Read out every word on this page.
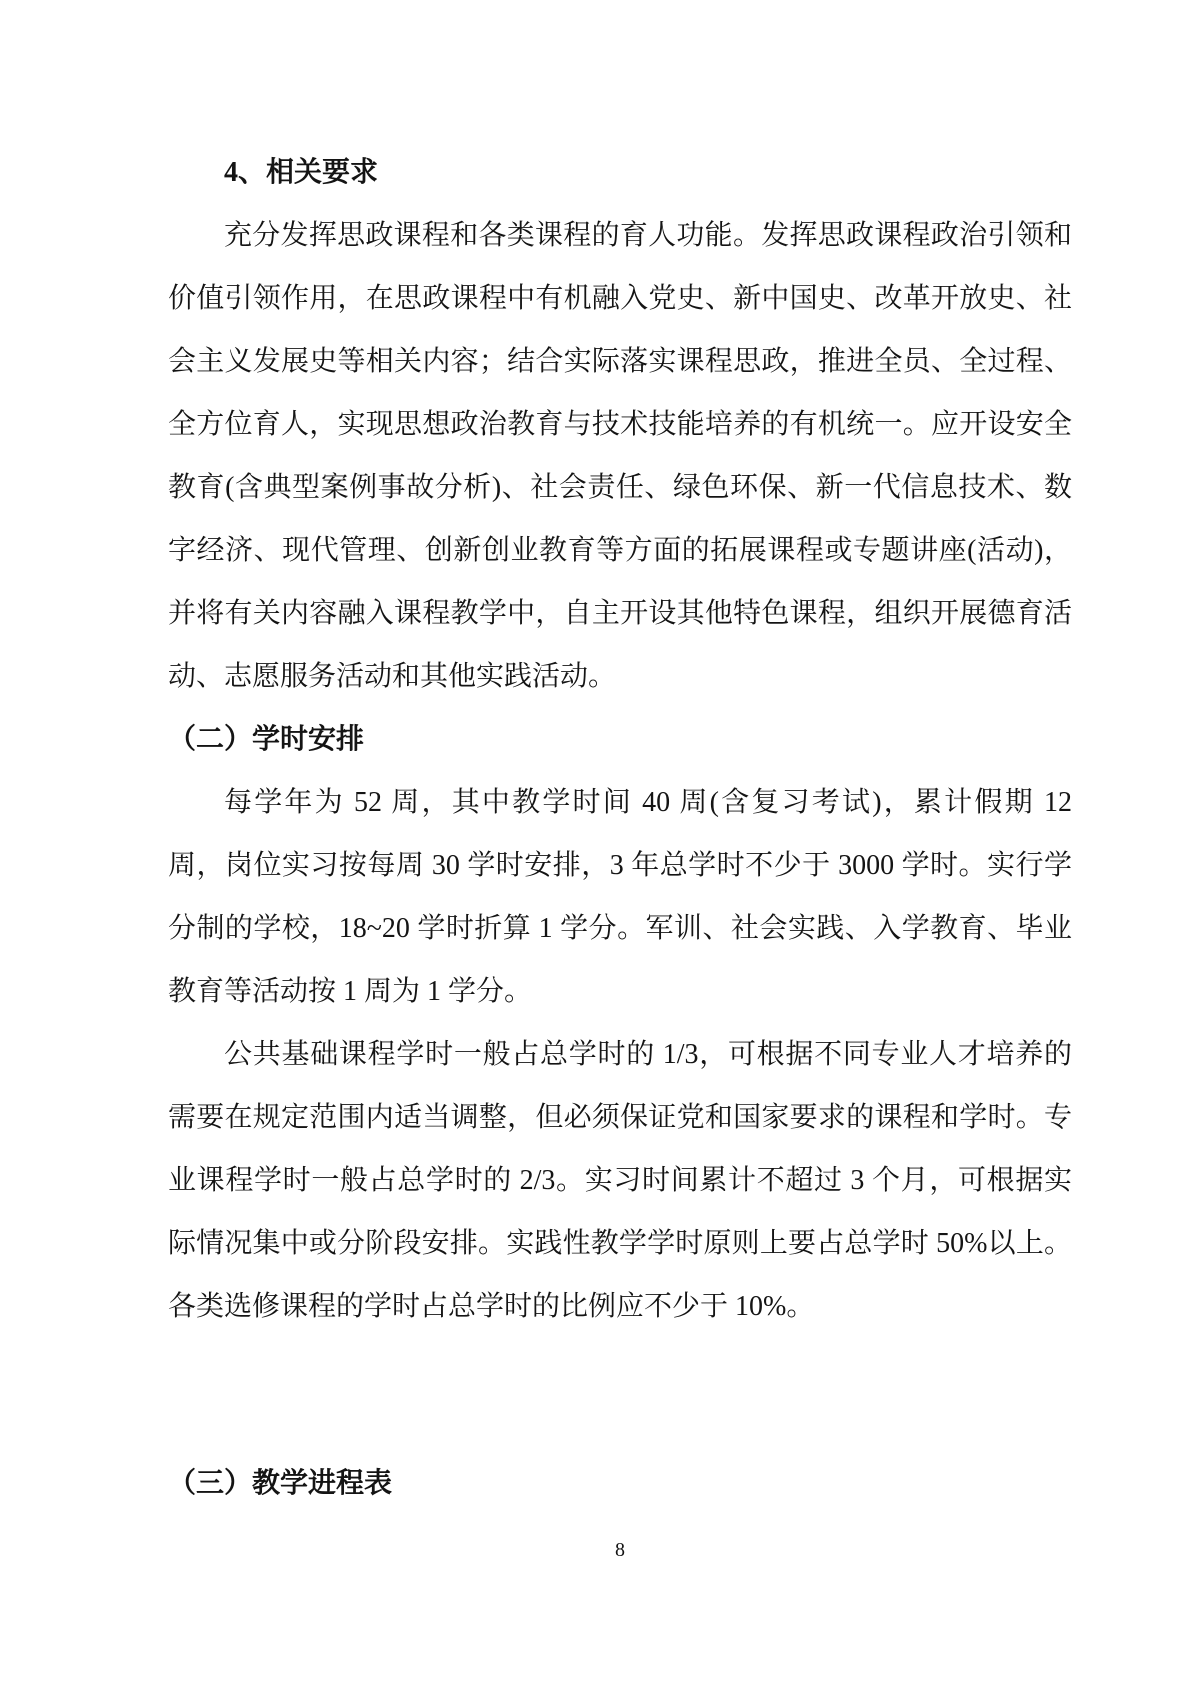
4、相关要求
充分发挥思政课程和各类课程的育人功能。发挥思政课程政治引领和
价值引领作用，在思政课程中有机融入党史、新中国史、改革开放史、社
会主义发展史等相关内容；结合实际落实课程思政，推进全员、全过程、
全方位育人，实现思想政治教育与技术技能培养的有机统一。应开设安全
教育(含典型案例事故分析)、社会责任、绿色环保、新一代信息技术、数
字经济、现代管理、创新创业教育等方面的拓展课程或专题讲座(活动)，
并将有关内容融入课程教学中，自主开设其他特色课程，组织开展德育活
动、志愿服务活动和其他实践活动。
（二）学时安排
每学年为 52 周，其中教学时间 40 周(含复习考试)，累计假期 12
周，岗位实习按每周 30 学时安排，3 年总学时不少于 3000 学时。实行学
分制的学校，18~20 学时折算 1 学分。军训、社会实践、入学教育、毕业
教育等活动按 1 周为 1 学分。
公共基础课程学时一般占总学时的 1/3，可根据不同专业人才培养的
需要在规定范围内适当调整，但必须保证党和国家要求的课程和学时。专
业课程学时一般占总学时的 2/3。实习时间累计不超过 3 个月，可根据实
际情况集中或分阶段安排。实践性教学学时原则上要占总学时 50%以上。
各类选修课程的学时占总学时的比例应不少于 10%。
（三）教学进程表
8
